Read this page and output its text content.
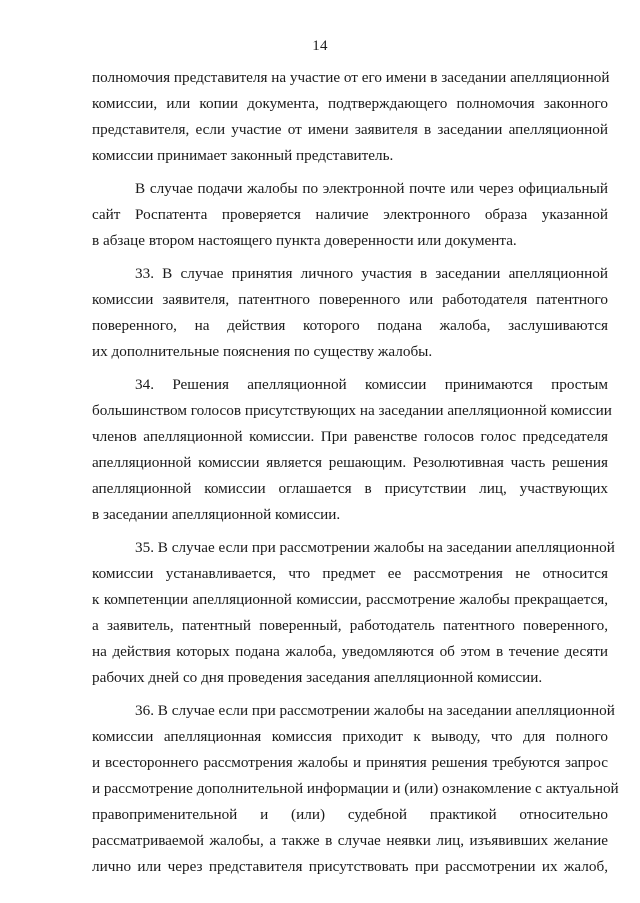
14
полномочия представителя на участие от его имени в заседании апелляционной
комиссии, или копии документа, подтверждающего полномочия законного
представителя, если участие от имени заявителя в заседании апелляционной
комиссии принимает законный представитель.
В случае подачи жалобы по электронной почте или через официальный
сайт Роспатента проверяется наличие электронного образа указанной
в абзаце втором настоящего пункта доверенности или документа.
33. В случае принятия личного участия в заседании апелляционной
комиссии заявителя, патентного поверенного или работодателя патентного
поверенного, на действия которого подана жалоба, заслушиваются
их дополнительные пояснения по существу жалобы.
34. Решения апелляционной комиссии принимаются простым
большинством голосов присутствующих на заседании апелляционной комиссии
членов апелляционной комиссии. При равенстве голосов голос председателя
апелляционной комиссии является решающим. Резолютивная часть решения
апелляционной комиссии оглашается в присутствии лиц, участвующих
в заседании апелляционной комиссии.
35. В случае если при рассмотрении жалобы на заседании апелляционной
комиссии устанавливается, что предмет ее рассмотрения не относится
к компетенции апелляционной комиссии, рассмотрение жалобы прекращается,
а заявитель, патентный поверенный, работодатель патентного поверенного,
на действия которых подана жалоба, уведомляются об этом в течение десяти
рабочих дней со дня проведения заседания апелляционной комиссии.
36. В случае если при рассмотрении жалобы на заседании апелляционной
комиссии апелляционная комиссия приходит к выводу, что для полного
и всестороннего рассмотрения жалобы и принятия решения требуются запрос
и рассмотрение дополнительной информации и (или) ознакомление с актуальной
правоприменительной и (или) судебной практикой относительно
рассматриваемой жалобы, а также в случае неявки лиц, изъявивших желание
лично или через представителя присутствовать при рассмотрении их жалоб,
